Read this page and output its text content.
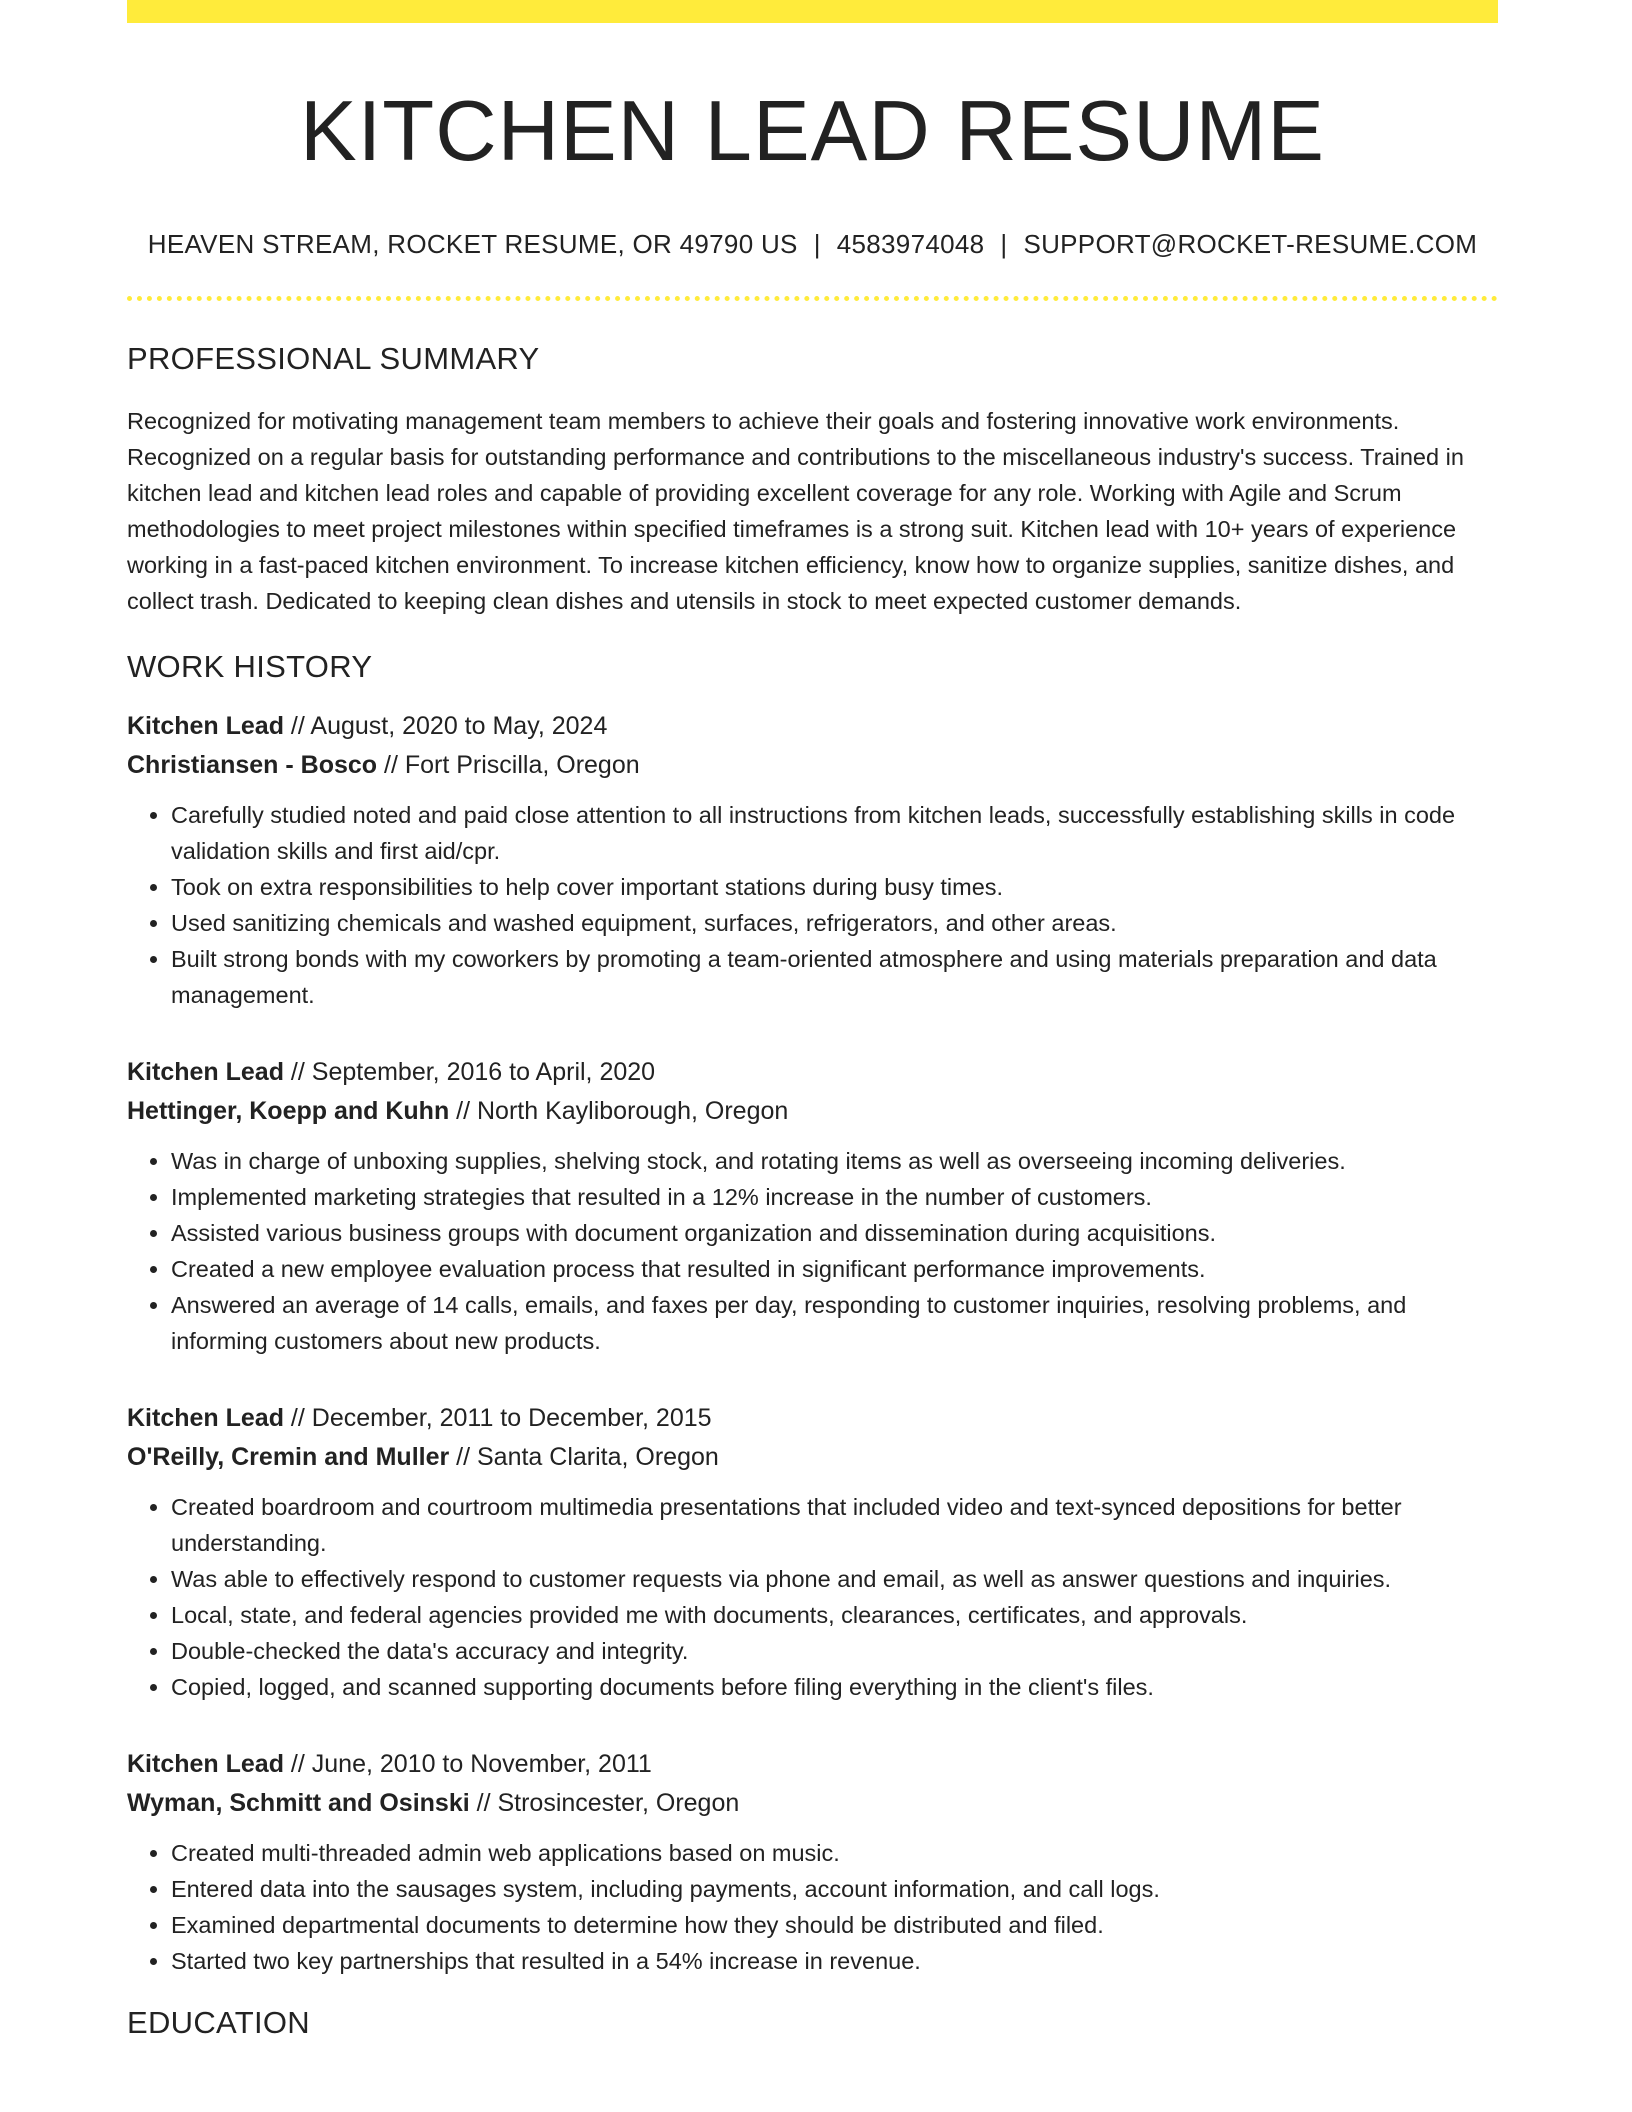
KITCHEN LEAD RESUME
HEAVEN STREAM, ROCKET RESUME, OR 49790 US | 4583974048 | SUPPORT@ROCKET-RESUME.COM
PROFESSIONAL SUMMARY
Recognized for motivating management team members to achieve their goals and fostering innovative work environments. Recognized on a regular basis for outstanding performance and contributions to the miscellaneous industry's success. Trained in kitchen lead and kitchen lead roles and capable of providing excellent coverage for any role. Working with Agile and Scrum methodologies to meet project milestones within specified timeframes is a strong suit. Kitchen lead with 10+ years of experience working in a fast-paced kitchen environment. To increase kitchen efficiency, know how to organize supplies, sanitize dishes, and collect trash. Dedicated to keeping clean dishes and utensils in stock to meet expected customer demands.
WORK HISTORY
Kitchen Lead // August, 2020 to May, 2024
Christiansen - Bosco // Fort Priscilla, Oregon
• Carefully studied noted and paid close attention to all instructions from kitchen leads, successfully establishing skills in code validation skills and first aid/cpr.
• Took on extra responsibilities to help cover important stations during busy times.
• Used sanitizing chemicals and washed equipment, surfaces, refrigerators, and other areas.
• Built strong bonds with my coworkers by promoting a team-oriented atmosphere and using materials preparation and data management.
Kitchen Lead // September, 2016 to April, 2020
Hettinger, Koepp and Kuhn // North Kayliborough, Oregon
• Was in charge of unboxing supplies, shelving stock, and rotating items as well as overseeing incoming deliveries.
• Implemented marketing strategies that resulted in a 12% increase in the number of customers.
• Assisted various business groups with document organization and dissemination during acquisitions.
• Created a new employee evaluation process that resulted in significant performance improvements.
• Answered an average of 14 calls, emails, and faxes per day, responding to customer inquiries, resolving problems, and informing customers about new products.
Kitchen Lead // December, 2011 to December, 2015
O'Reilly, Cremin and Muller // Santa Clarita, Oregon
• Created boardroom and courtroom multimedia presentations that included video and text-synced depositions for better understanding.
• Was able to effectively respond to customer requests via phone and email, as well as answer questions and inquiries.
• Local, state, and federal agencies provided me with documents, clearances, certificates, and approvals.
• Double-checked the data's accuracy and integrity.
• Copied, logged, and scanned supporting documents before filing everything in the client's files.
Kitchen Lead // June, 2010 to November, 2011
Wyman, Schmitt and Osinski // Strosincester, Oregon
• Created multi-threaded admin web applications based on music.
• Entered data into the sausages system, including payments, account information, and call logs.
• Examined departmental documents to determine how they should be distributed and filed.
• Started two key partnerships that resulted in a 54% increase in revenue.
EDUCATION
